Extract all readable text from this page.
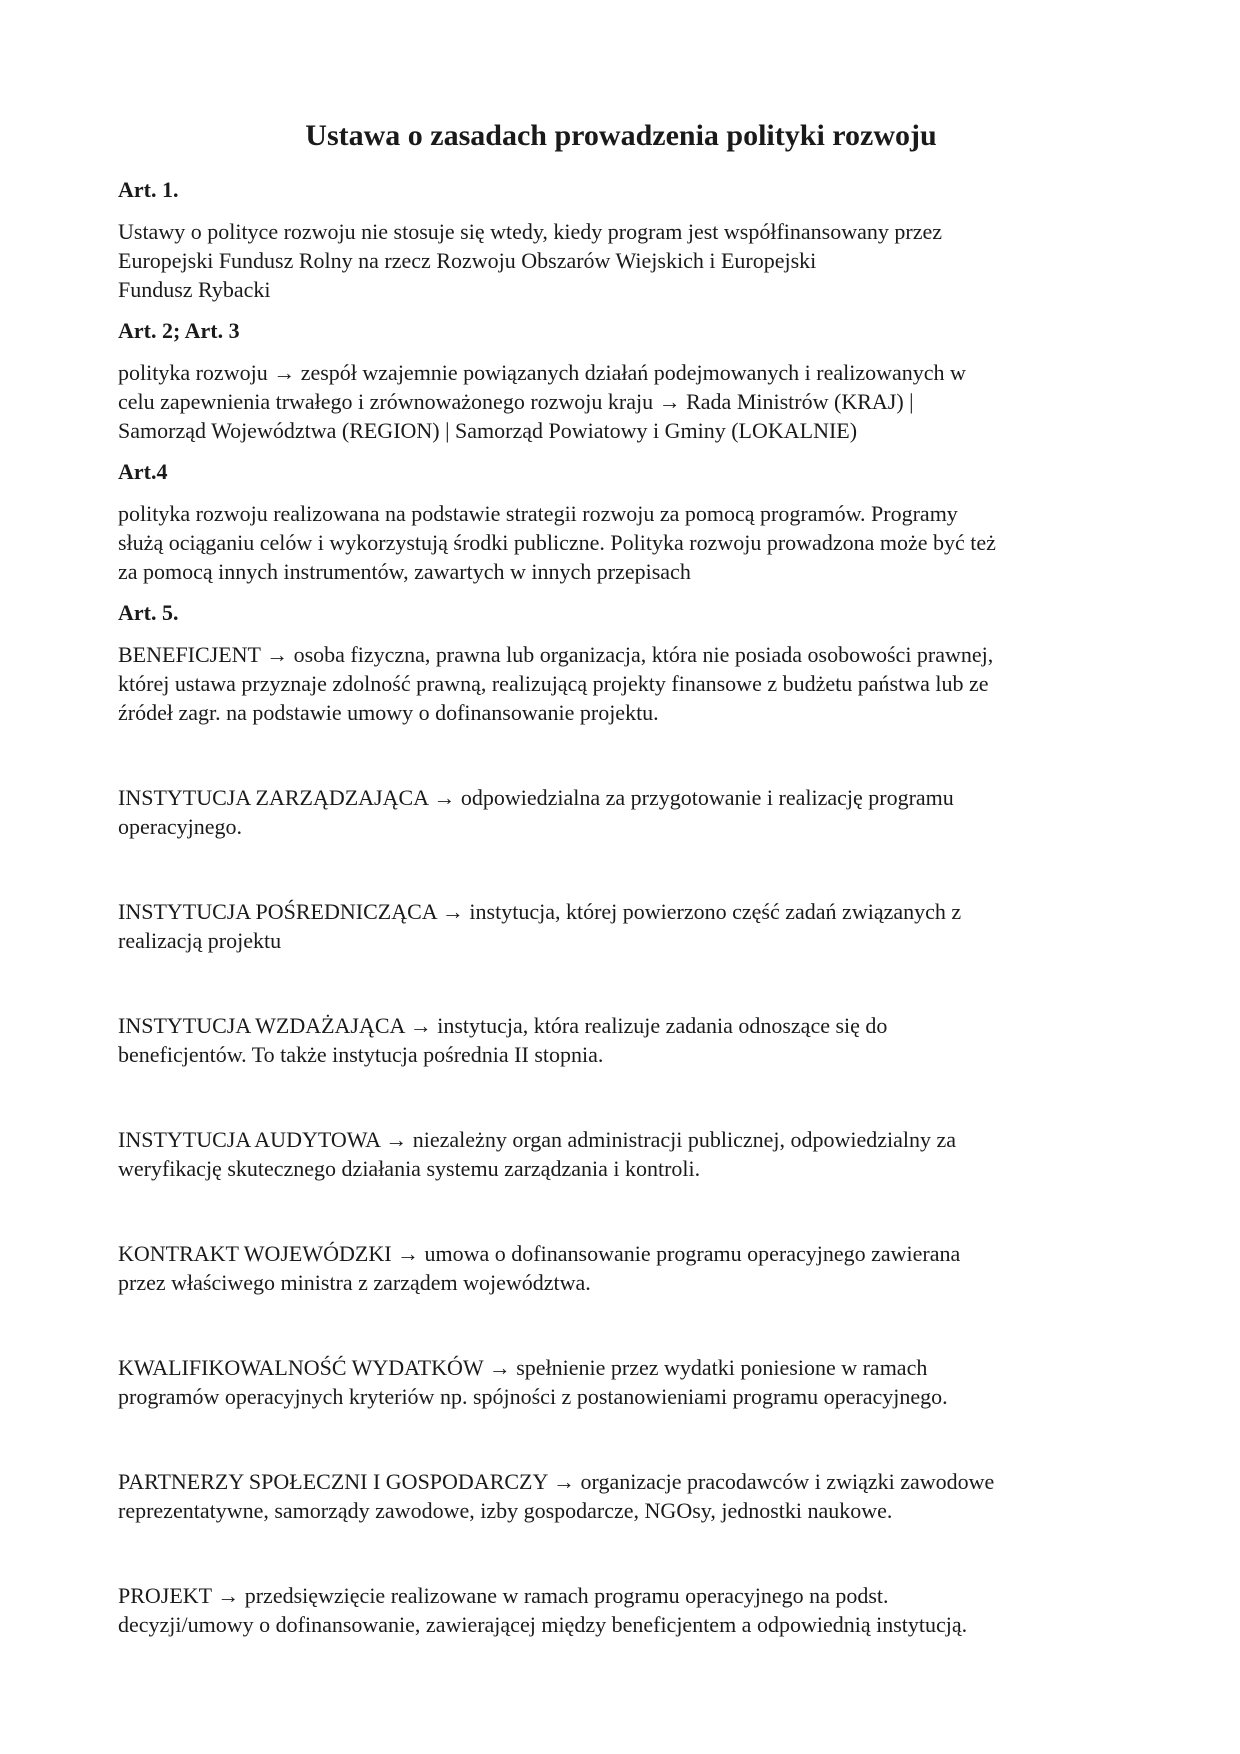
Ustawa o zasadach prowadzenia polityki rozwoju
Art. 1.
Ustawy o polityce rozwoju nie stosuje się wtedy, kiedy program jest współfinansowany przez
Europejski Fundusz Rolny na rzecz Rozwoju Obszarów Wiejskich i Europejski
Fundusz Rybacki
Art. 2; Art. 3
polityka rozwoju → zespół wzajemnie powiązanych działań podejmowanych i realizowanych w
celu zapewnienia trwałego i zrównoważonego rozwoju kraju → Rada Ministrów (KRAJ) |
Samorząd Województwa (REGION) | Samorząd Powiatowy i Gminy (LOKALNIE)
Art.4
polityka rozwoju realizowana na podstawie strategii rozwoju za pomocą programów. Programy
służą ociąganiu celów i wykorzystują środki publiczne. Polityka rozwoju prowadzona może być też
za pomocą innych instrumentów, zawartych w innych przepisach
Art. 5.
BENEFICJENT → osoba fizyczna, prawna lub organizacja, która nie posiada osobowości prawnej,
której ustawa przyznaje zdolność prawną, realizującą projekty finansowe z budżetu państwa lub ze
źródeł zagr. na podstawie umowy o dofinansowanie projektu.
INSTYTUCJA ZARZĄDZAJĄCA → odpowiedzialna za przygotowanie i realizację programu
operacyjnego.
INSTYTUCJA POŚREDNICZĄCA → instytucja, której powierzono część zadań związanych z
realizacją projektu
INSTYTUCJA WZDAŻAJĄCA → instytucja, która realizuje zadania odnoszące się do
beneficjentów. To także instytucja pośrednia II stopnia.
INSTYTUCJA AUDYTOWA → niezależny organ administracji publicznej, odpowiedzialny za
weryfikację skutecznego działania systemu zarządzania i kontroli.
KONTRAKT WOJEWÓDZKI → umowa o dofinansowanie programu operacyjnego zawierana
przez właściwego ministra z zarządem województwa.
KWALIFIKOWALNOŚĆ WYDATKÓW → spełnienie przez wydatki poniesione w ramach
programów operacyjnych kryteriów np. spójności z postanowieniami programu operacyjnego.
PARTNERZY SPOŁECZNI I GOSPODARCZY → organizacje pracodawców i związki zawodowe
reprezentatywne, samorządy zawodowe, izby gospodarcze, NGOsy, jednostki naukowe.
PROJEKT → przedsięwzięcie realizowane w ramach programu operacyjnego na podst.
decyzji/umowy o dofinansowanie, zawierającej między beneficjentem a odpowiednią instytucją.
